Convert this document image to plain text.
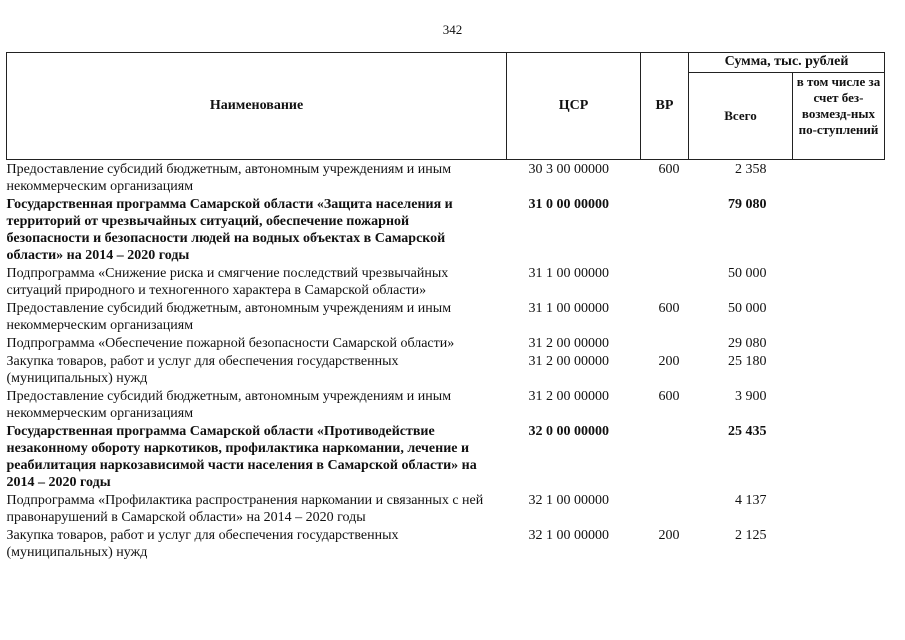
342
Наименование	ЦСР	ВР	Сумма, тыс. рублей	
			Всего	в том числе за счет без-возмезд-ных по-ступлений
Предоставление субсидий бюджетным, автономным учреждениям и иным некоммерческим организациям	30 3 00 00000	600	2 358	
Государственная программа Самарской области «Защита населения и территорий от чрезвычайных ситуаций, обеспечение пожарной безопасности и безопасности людей на водных объектах в Самарской области» на 2014 – 2020 годы	31 0 00 00000		79 080	
Подпрограмма «Снижение риска и смягчение последствий чрезвычайных ситуаций природного и техногенного характера в Самарской области»	31 1 00 00000		50 000	
Предоставление субсидий бюджетным, автономным учреждениям и иным некоммерческим организациям	31 1 00 00000	600	50 000	
Подпрограмма «Обеспечение пожарной безопасности Самарской области»	31 2 00 00000		29 080	
Закупка товаров, работ и услуг для обеспечения государственных (муниципальных) нужд	31 2 00 00000	200	25 180	
Предоставление субсидий бюджетным, автономным учреждениям и иным некоммерческим организациям	31 2 00 00000	600	3 900	
Государственная программа Самарской области «Противодействие незаконному обороту наркотиков, профилактика наркомании, лечение и реабилитация наркозависимой части населения в Самарской области» на 2014 – 2020 годы	32 0 00 00000		25 435	
Подпрограмма «Профилактика распространения наркомании и связанных с ней правонарушений в Самарской области» на 2014 – 2020 годы	32 1 00 00000		4 137	
Закупка товаров, работ и услуг для обеспечения государственных (муниципальных) нужд	32 1 00 00000	200	2 125	
